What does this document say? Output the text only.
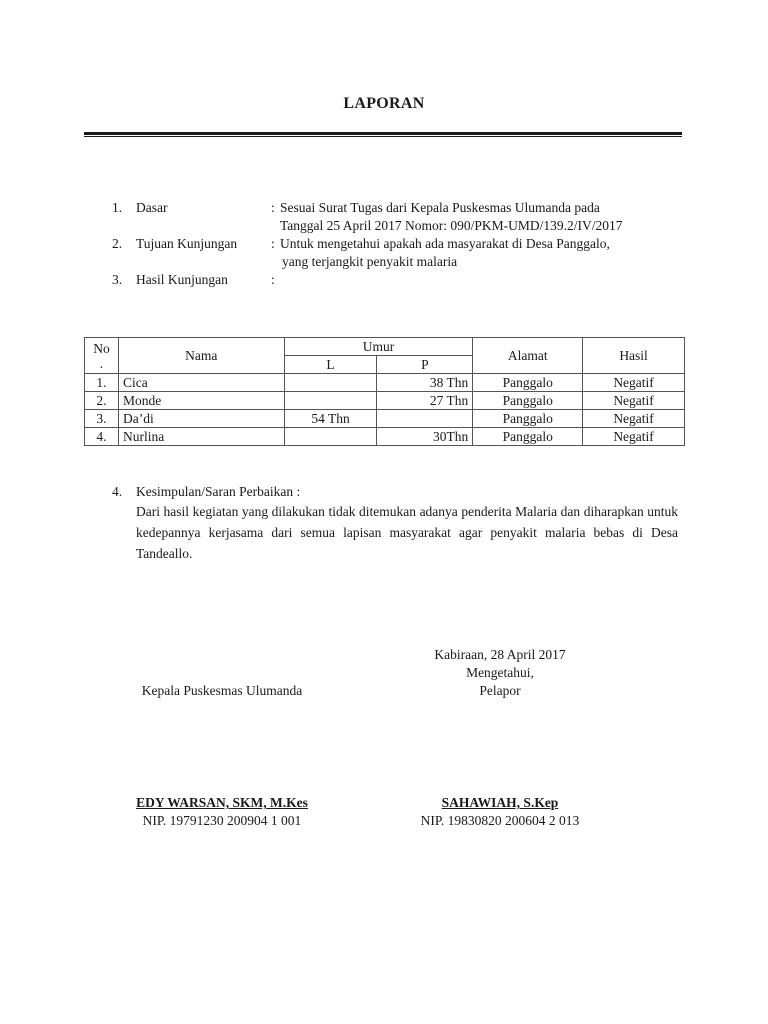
LAPORAN
1. Dasar	: Sesuai Surat Tugas dari Kepala Puskesmas Ulumanda pada
Tanggal 25 April 2017 Nomor: 090/PKM-UMD/139.2/IV/2017
2. Tujuan Kunjungan	: Untuk mengetahui apakah ada masyarakat di Desa Panggalo,
yang terjangkit penyakit malaria
3. Hasil Kunjungan	:
No
.	Nama	Umur		Alamat	Hasil
		L	P		
1.	Cica		38 Thn	Panggalo	Negatif
2.	Monde		27 Thn	Panggalo	Negatif
3.	Da’di	54 Thn		Panggalo	Negatif
4.	Nurlina		30Thn	Panggalo	Negatif
4. Kesimpulan/Saran Perbaikan :
Dari hasil kegiatan yang dilakukan tidak ditemukan adanya penderita Malaria dan diharapkan untuk kedepannya kerjasama dari semua lapisan masyarakat agar penyakit malaria bebas di Desa Tandeallo.
Kabiraan, 28 April 2017
Mengetahui,
Pelapor
Kepala Puskesmas Ulumanda
EDY WARSAN, SKM, M.Kes
NIP. 19791230 200904 1 001
SAHAWIAH, S.Kep
NIP. 19830820 200604 2 013
